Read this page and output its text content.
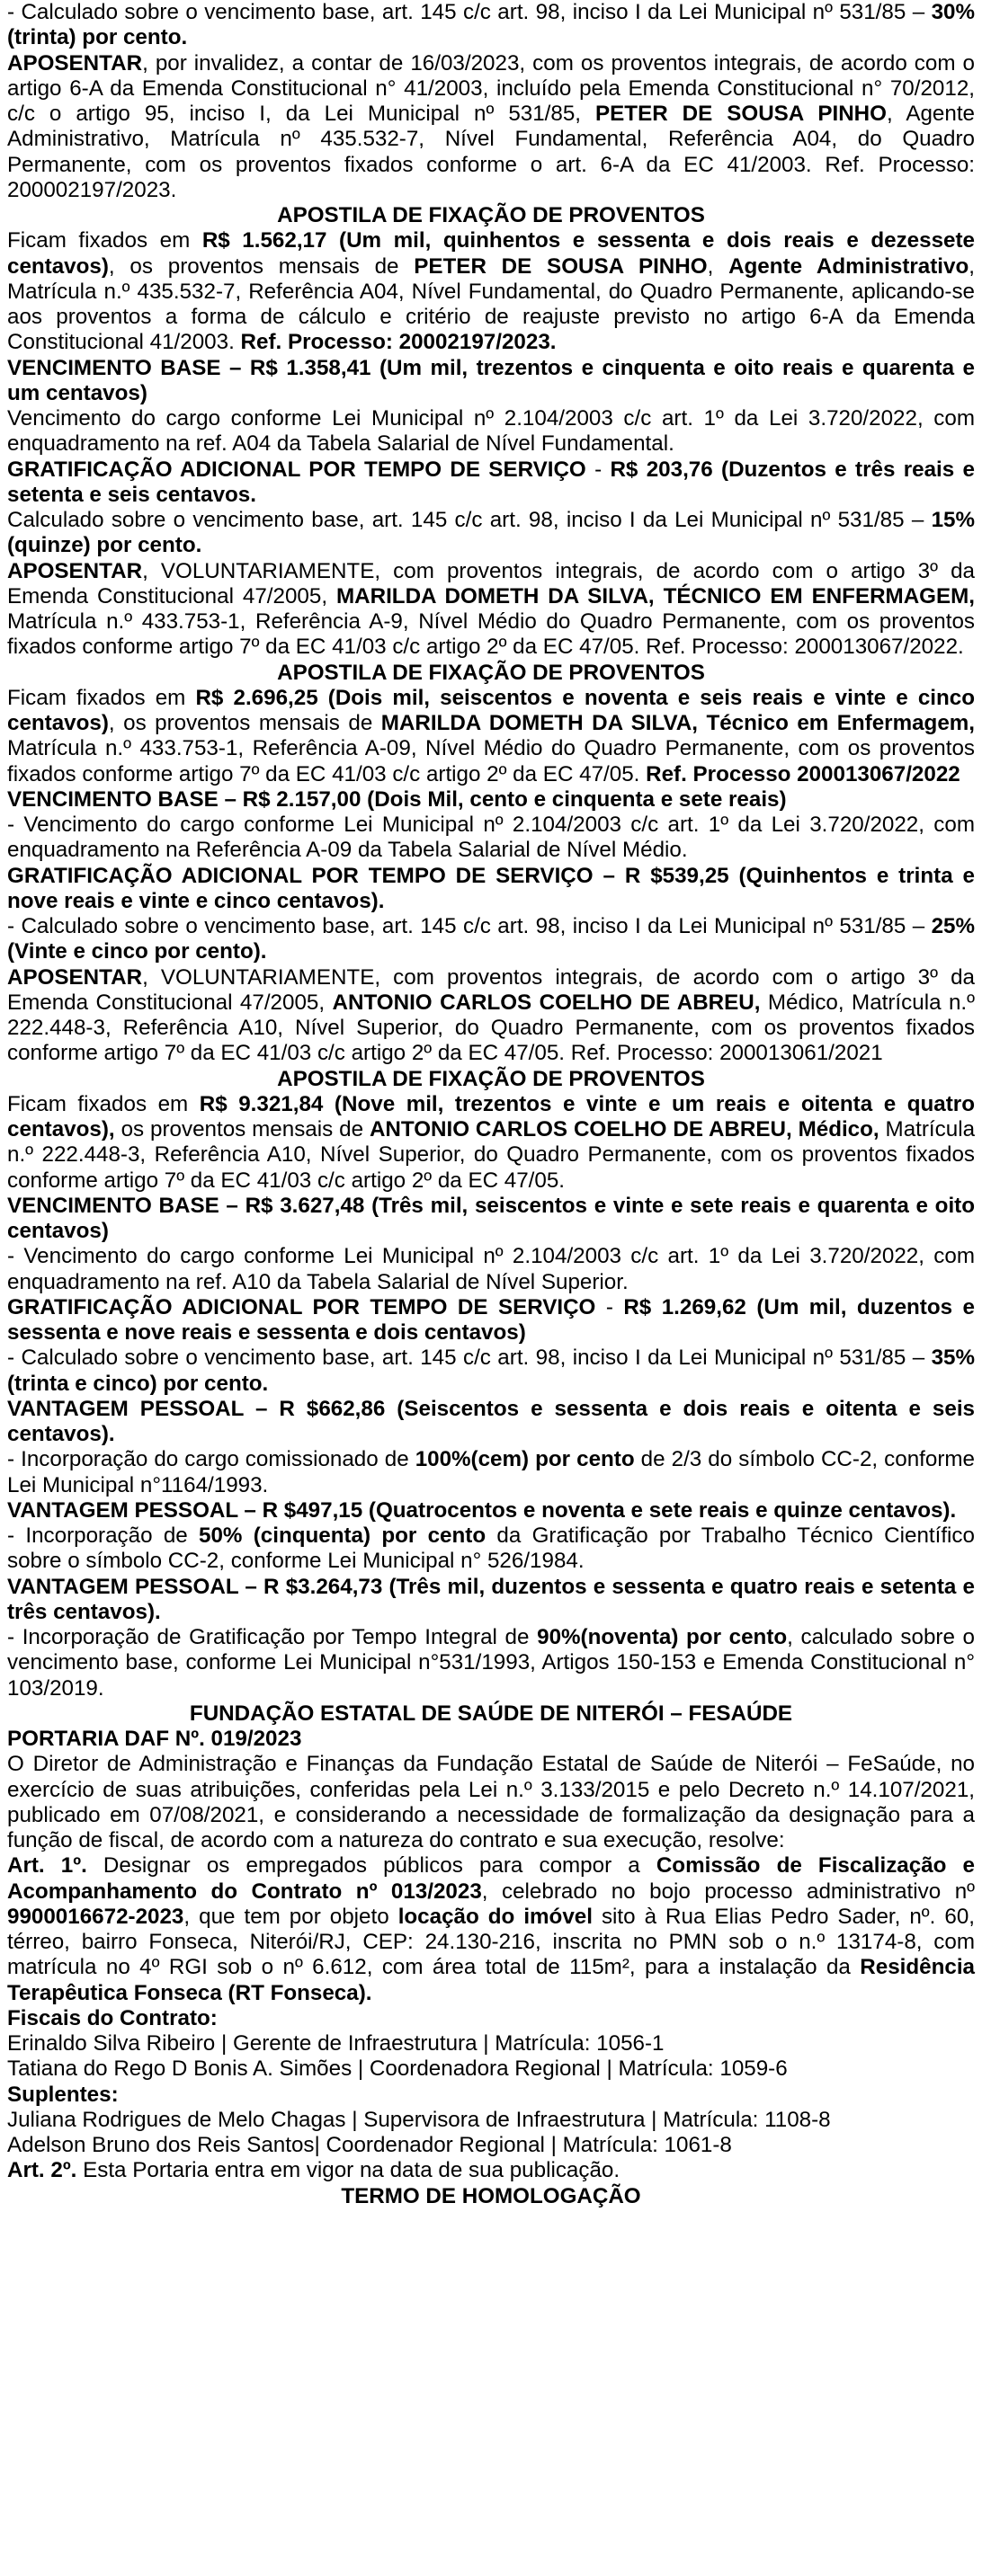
- Calculado sobre o vencimento base, art. 145 c/c art. 98, inciso I da Lei Municipal nº 531/85 – 30% (trinta) por cento.

APOSENTAR, por invalidez, a contar de 16/03/2023, com os proventos integrais, de acordo com o artigo 6-A da Emenda Constitucional n° 41/2003, incluído pela Emenda Constitucional n° 70/2012, c/c o artigo 95, inciso I, da Lei Municipal nº 531/85, PETER DE SOUSA PINHO, Agente Administrativo, Matrícula nº 435.532-7, Nível Fundamental, Referência A04, do Quadro Permanente, com os proventos fixados conforme o art. 6-A da EC 41/2003. Ref. Processo: 200002197/2023.

APOSTILA DE FIXAÇÃO DE PROVENTOS

Ficam fixados em R$ 1.562,17 (Um mil, quinhentos e sessenta e dois reais e dezessete centavos), os proventos mensais de PETER DE SOUSA PINHO, Agente Administrativo, Matrícula n.º 435.532-7, Referência A04, Nível Fundamental, do Quadro Permanente, aplicando-se aos proventos a forma de cálculo e critério de reajuste previsto no artigo 6-A da Emenda Constitucional 41/2003. Ref. Processo: 20002197/2023.

VENCIMENTO BASE – R$ 1.358,41 (Um mil, trezentos e cinquenta e oito reais e quarenta e um centavos)

Vencimento do cargo conforme Lei Municipal nº 2.104/2003 c/c art. 1º da Lei 3.720/2022, com enquadramento na ref. A04 da Tabela Salarial de Nível Fundamental.

GRATIFICAÇÃO ADICIONAL POR TEMPO DE SERVIÇO - R$ 203,76 (Duzentos e três reais e setenta e seis centavos.

Calculado sobre o vencimento base, art. 145 c/c art. 98, inciso I da Lei Municipal nº 531/85 – 15% (quinze) por cento.

APOSENTAR, VOLUNTARIAMENTE, com proventos integrais, de acordo com o artigo 3º da Emenda Constitucional 47/2005, MARILDA DOMETH DA SILVA, TÉCNICO EM ENFERMAGEM, Matrícula n.º 433.753-1, Referência A-9, Nível Médio do Quadro Permanente, com os proventos fixados conforme artigo 7º da EC 41/03 c/c artigo 2º da EC 47/05. Ref. Processo: 200013067/2022.

APOSTILA DE FIXAÇÃO DE PROVENTOS

Ficam fixados em R$ 2.696,25 (Dois mil, seiscentos e noventa e seis reais e vinte e cinco centavos), os proventos mensais de MARILDA DOMETH DA SILVA, Técnico em Enfermagem, Matrícula n.º 433.753-1, Referência A-09, Nível Médio do Quadro Permanente, com os proventos fixados conforme artigo 7º da EC 41/03 c/c artigo 2º da EC 47/05. Ref. Processo 200013067/2022

VENCIMENTO BASE – R$ 2.157,00 (Dois Mil, cento e cinquenta e sete reais)

- Vencimento do cargo conforme Lei Municipal nº 2.104/2003 c/c art. 1º da Lei 3.720/2022, com enquadramento na Referência A-09 da Tabela Salarial de Nível Médio.

GRATIFICAÇÃO ADICIONAL POR TEMPO DE SERVIÇO – R $539,25 (Quinhentos e trinta e nove reais e vinte e cinco centavos).

- Calculado sobre o vencimento base, art. 145 c/c art. 98, inciso I da Lei Municipal nº 531/85 – 25% (Vinte e cinco por cento).

APOSENTAR, VOLUNTARIAMENTE, com proventos integrais, de acordo com o artigo 3º da Emenda Constitucional 47/2005, ANTONIO CARLOS COELHO DE ABREU, Médico, Matrícula n.º 222.448-3, Referência A10, Nível Superior, do Quadro Permanente, com os proventos fixados conforme artigo 7º da EC 41/03 c/c artigo 2º da EC 47/05. Ref. Processo: 200013061/2021

APOSTILA DE FIXAÇÃO DE PROVENTOS

Ficam fixados em R$ 9.321,84 (Nove mil, trezentos e vinte e um reais e oitenta e quatro centavos), os proventos mensais de ANTONIO CARLOS COELHO DE ABREU, Médico, Matrícula n.º 222.448-3, Referência A10, Nível Superior, do Quadro Permanente, com os proventos fixados conforme artigo 7º da EC 41/03 c/c artigo 2º da EC 47/05.

VENCIMENTO BASE – R$ 3.627,48 (Três mil, seiscentos e vinte e sete reais e quarenta e oito centavos)

- Vencimento do cargo conforme Lei Municipal nº 2.104/2003 c/c art. 1º da Lei 3.720/2022, com enquadramento na ref. A10 da Tabela Salarial de Nível Superior.

GRATIFICAÇÃO ADICIONAL POR TEMPO DE SERVIÇO - R$ 1.269,62 (Um mil, duzentos e sessenta e nove reais e sessenta e dois centavos)

- Calculado sobre o vencimento base, art. 145 c/c art. 98, inciso I da Lei Municipal nº 531/85 – 35% (trinta e cinco) por cento.

VANTAGEM PESSOAL – R $662,86 (Seiscentos e sessenta e dois reais e oitenta e seis centavos).

- Incorporação do cargo comissionado de 100%(cem) por cento de 2/3 do símbolo CC-2, conforme Lei Municipal n°1164/1993.

VANTAGEM PESSOAL – R $497,15 (Quatrocentos e noventa e sete reais e quinze centavos).

- Incorporação de 50% (cinquenta) por cento da Gratificação por Trabalho Técnico Científico sobre o símbolo CC-2, conforme Lei Municipal n° 526/1984.

VANTAGEM PESSOAL – R $3.264,73 (Três mil, duzentos e sessenta e quatro reais e setenta e três centavos).

- Incorporação de Gratificação por Tempo Integral de 90%(noventa) por cento, calculado sobre o vencimento base, conforme Lei Municipal n°531/1993, Artigos 150-153 e Emenda Constitucional n° 103/2019.

FUNDAÇÃO ESTATAL DE SAÚDE DE NITERÓI – FESAÚDE

PORTARIA DAF Nº. 019/2023

O Diretor de Administração e Finanças da Fundação Estatal de Saúde de Niterói – FeSaúde, no exercício de suas atribuições, conferidas pela Lei n.º 3.133/2015 e pelo Decreto n.º 14.107/2021, publicado em 07/08/2021, e considerando a necessidade de formalização da designação para a função de fiscal, de acordo com a natureza do contrato e sua execução, resolve:

Art. 1º. Designar os empregados públicos para compor a Comissão de Fiscalização e Acompanhamento do Contrato nº 013/2023, celebrado no bojo processo administrativo nº 9900016672-2023, que tem por objeto locação do imóvel sito à Rua Elias Pedro Sader, nº. 60, térreo, bairro Fonseca, Niterói/RJ, CEP: 24.130-216, inscrita no PMN sob o n.º 13174-8, com matrícula no 4º RGI sob o nº 6.612, com área total de 115m², para a instalação da Residência Terapêutica Fonseca (RT Fonseca).

Fiscais do Contrato:

Erinaldo Silva Ribeiro | Gerente de Infraestrutura | Matrícula: 1056-1

Tatiana do Rego D Bonis A. Simões | Coordenadora Regional | Matrícula: 1059-6

Suplentes:

Juliana Rodrigues de Melo Chagas | Supervisora de Infraestrutura | Matrícula: 1108-8

Adelson Bruno dos Reis Santos| Coordenador Regional | Matrícula: 1061-8

Art. 2º. Esta Portaria entra em vigor na data de sua publicação.

TERMO DE HOMOLOGAÇÃO
